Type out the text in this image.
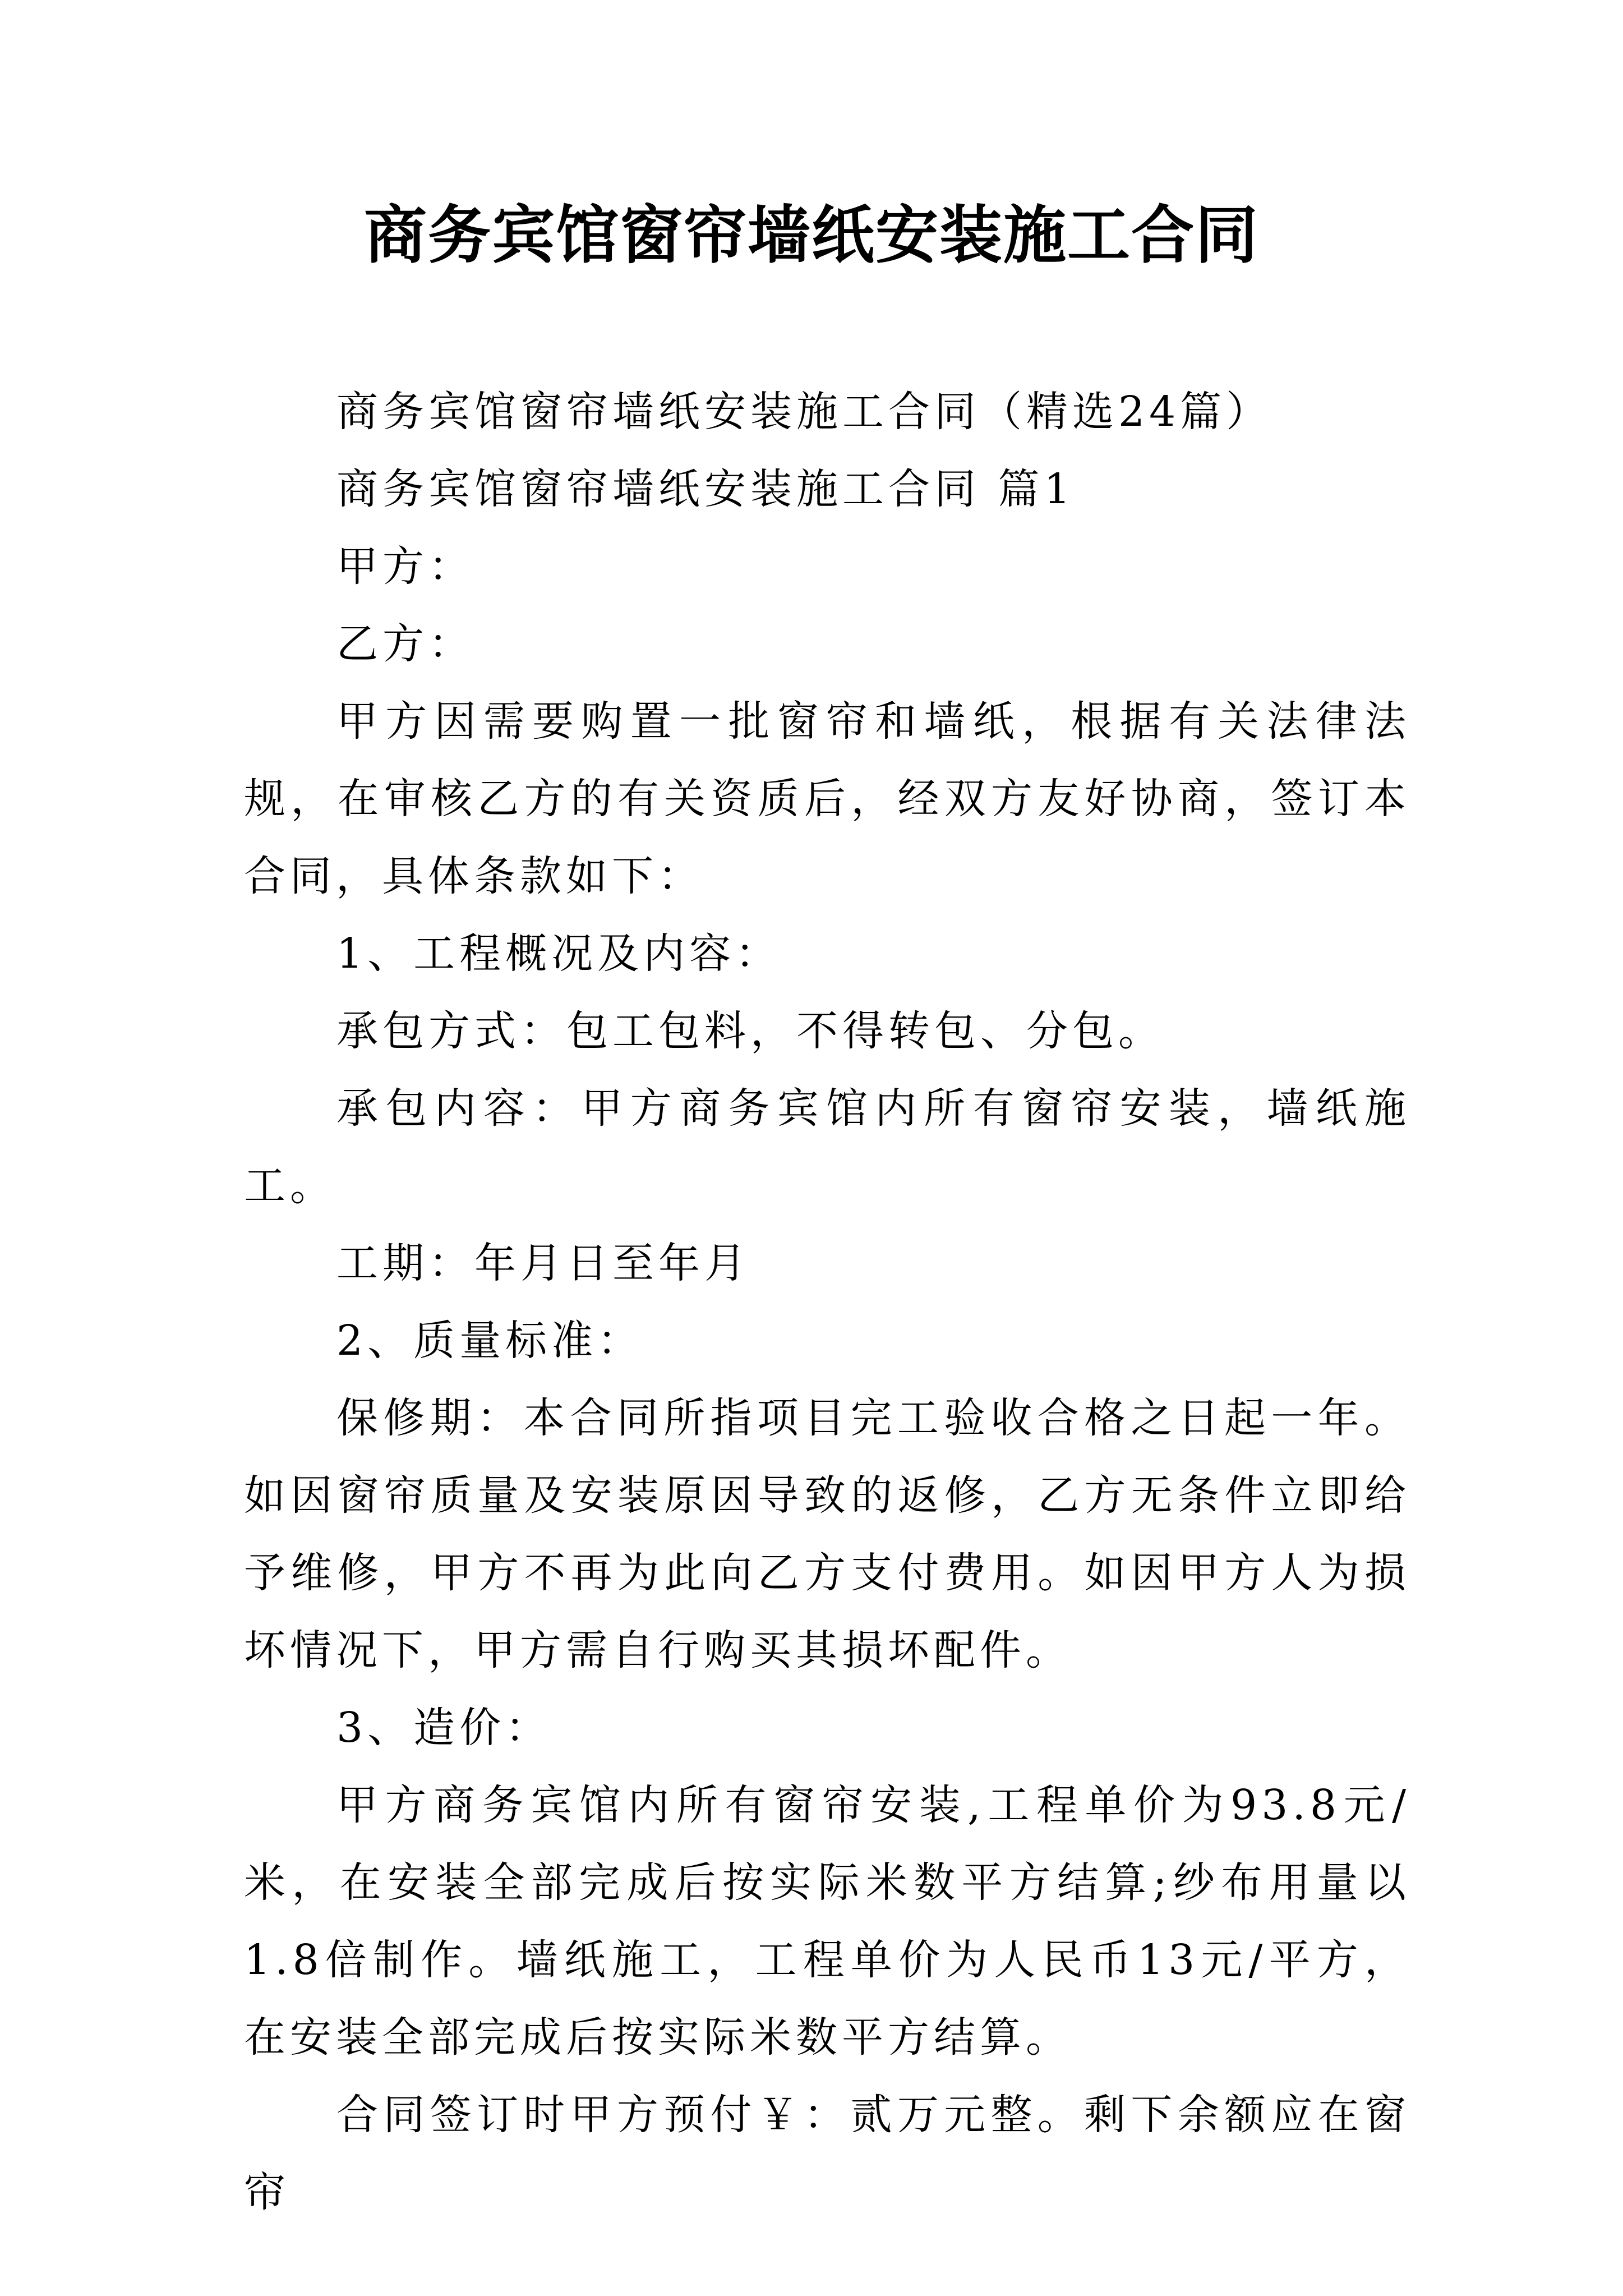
商务宾馆窗帘墙纸安装施工合同

商务宾馆窗帘墙纸安装施工合同（精选24篇）

商务宾馆窗帘墙纸安装施工合同 篇1

甲方：

乙方：

甲方因需要购置一批窗帘和墙纸，根据有关法律法规，在审核乙方的有关资质后，经双方友好协商，签订本合同，具体条款如下：

1、工程概况及内容：

承包方式：包工包料，不得转包、分包。

承包内容：甲方商务宾馆内所有窗帘安装，墙纸施工。

工期：年月日至年月

2、质量标准：

保修期：本合同所指项目完工验收合格之日起一年。如因窗帘质量及安装原因导致的返修，乙方无条件立即给予维修，甲方不再为此向乙方支付费用。如因甲方人为损坏情况下，甲方需自行购买其损坏配件。

3、造价：

甲方商务宾馆内所有窗帘安装,工程单价为93.8元/米，在安装全部完成后按实际米数平方结算;纱布用量以1.8倍制作。墙纸施工，工程单价为人民币13元/平方，在安装全部完成后按实际米数平方结算。

合同签订时甲方预付￥：贰万元整。剩下余额应在窗帘
